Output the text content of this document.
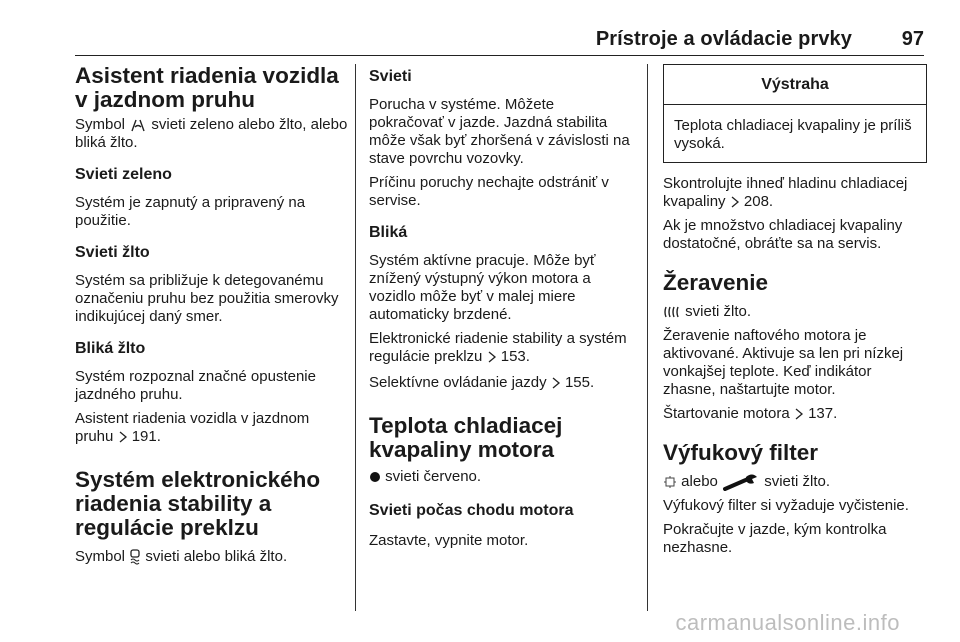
Prístroje a ovládacie prvky 97
Asistent riadenia vozidla v jazdnom pruhu

Symbol svieti zeleno alebo žlto, alebo bliká žlto.

Svieti zeleno

Systém je zapnutý a pripravený na použitie.

Svieti žlto

Systém sa približuje k detegovanému označeniu pruhu bez použitia smerovky indikujúcej daný smer.

Bliká žlto

Systém rozpoznal značné opustenie jazdného pruhu.

Asistent riadenia vozidla v jazdnom pruhu 191.

Systém elektronického riadenia stability a regulácie preklzu

Symbol svieti alebo bliká žlto.

Svieti

Porucha v systéme. Môžete pokračovať v jazde. Jazdná stabilita môže však byť zhoršená v závislosti na stave povrchu vozovky.

Príčinu poruchy nechajte odstrániť v servise.

Bliká

Systém aktívne pracuje. Môže byť znížený výstupný výkon motora a vozidlo môže byť v malej miere automaticky brzdené.

Elektronické riadenie stability a systém regulácie preklzu 153.

Selektívne ovládanie jazdy 155.

Teplota chladiacej kvapaliny motora

svieti červeno.

Svieti počas chodu motora

Zastavte, vypnite motor.

Výstraha
Teplota chladiacej kvapaliny je príliš vysoká.

Skontrolujte ihneď hladinu chladiacej kvapaliny 208.

Ak je množstvo chladiacej kvapaliny dostatočné, obráťte sa na servis.

Žeravenie

svieti žlto.

Žeravenie naftového motora je aktivované. Aktivuje sa len pri nízkej vonkajšej teplote. Keď indikátor zhasne, naštartujte motor.

Štartovanie motora 137.

Výfukový filter

alebo	svieti žlto.

Výfukový filter si vyžaduje vyčistenie.

Pokračujte v jazde, kým kontrolka nezhasne.

carmanualsonline.info
